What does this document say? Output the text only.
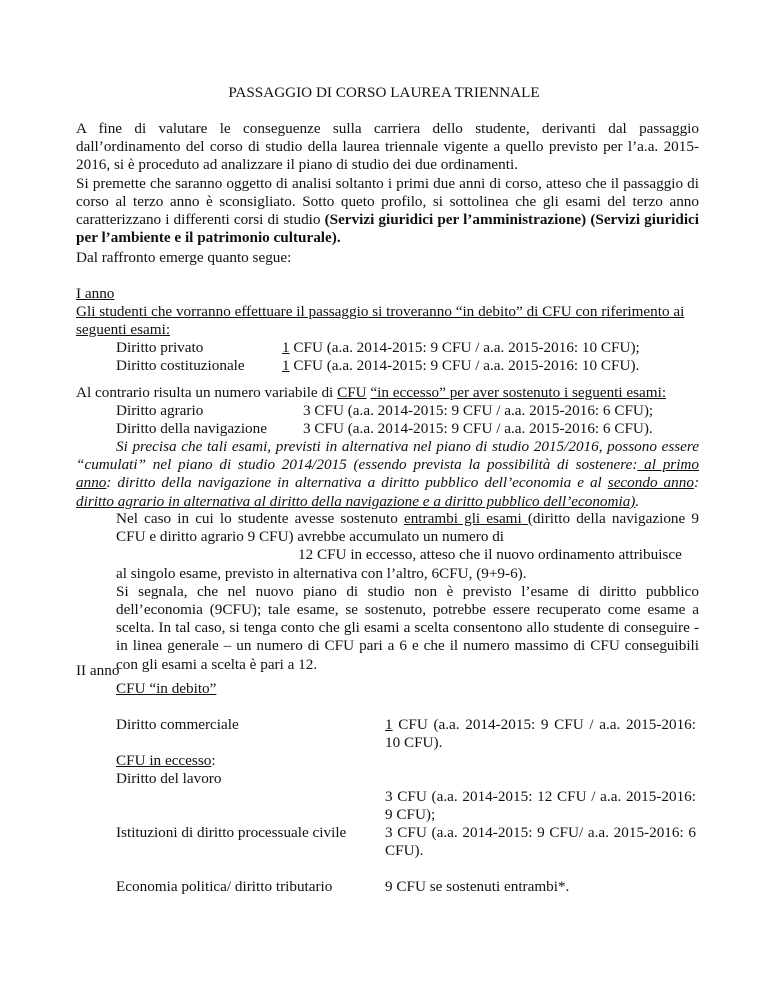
PASSAGGIO DI CORSO LAUREA TRIENNALE

A fine di valutare le conseguenze sulla carriera dello studente, derivanti dal passaggio dall’ordinamento del corso di studio della laurea triennale vigente a quello previsto per l’a.a. 2015-2016, si è proceduto ad analizzare il piano di studio dei due ordinamenti.
Si premette che saranno oggetto di analisi soltanto i primi due anni di corso, atteso che il passaggio di corso al terzo anno è sconsigliato. Sotto queto profilo, si sottolinea che gli esami del terzo anno caratterizzano i differenti corsi di studio (Servizi giuridici per l’amministrazione) (Servizi giuridici per l’ambiente e il patrimonio culturale).

Dal raffronto emerge quanto segue:

I anno

Gli studenti che vorranno effettuare il passaggio si troveranno “in debito” di CFU con riferimento ai seguenti esami:

Diritto privato	1 CFU (a.a. 2014-2015: 9 CFU / a.a. 2015-2016: 10 CFU);
Diritto costituzionale 1 CFU (a.a. 2014-2015: 9 CFU / a.a. 2015-2016: 10 CFU).

Al contrario risulta un numero variabile di CFU “in eccesso” per aver sostenuto i seguenti esami:

Diritto agrario	3 CFU (a.a. 2014-2015: 9 CFU / a.a. 2015-2016: 6 CFU);
Diritto della navigazione 3 CFU (a.a. 2014-2015: 9 CFU / a.a. 2015-2016: 6 CFU).

Si precisa che tali esami, previsti in alternativa nel piano di studio 2015/2016, possono essere “cumulati” nel piano di studio 2014/2015 (essendo prevista la possibilità di sostenere: al primo anno: diritto della navigazione in alternativa a diritto pubblico dell’economia e al secondo anno: diritto agrario in alternativa al diritto della navigazione e a diritto pubblico dell’economia).

Nel caso in cui lo studente avesse sostenuto entrambi gli esami (diritto della navigazione 9 CFU e diritto agrario 9 CFU) avrebbe accumulato un numero di
12 CFU in eccesso, atteso che il nuovo ordinamento attribuisce
al singolo esame, previsto in alternativa con l’altro, 6CFU, (9+9-6).
Si segnala, che nel nuovo piano di studio non è previsto l’esame di diritto pubblico dell’economia (9CFU); tale esame, se sostenuto, potrebbe essere recuperato come esame a scelta. In tal caso, si tenga conto che gli esami a scelta consentono allo studente di conseguire - in linea generale – un numero di CFU pari a 6 e che il numero massimo di CFU conseguibili con gli esami a scelta è pari a 12.

II anno

CFU “in debito”

Diritto commerciale	1 CFU (a.a. 2014-2015: 9 CFU / a.a. 2015-2016: 10 CFU).

CFU in eccesso:
Diritto del lavoro

3 CFU (a.a. 2014-2015: 12 CFU / a.a. 2015-2016: 9 CFU);

Istituzioni di diritto processuale civile	3 CFU (a.a. 2014-2015: 9 CFU/ a.a. 2015-2016: 6 CFU).

Economia politica/ diritto tributario	9 CFU se sostenuti entrambi*.
